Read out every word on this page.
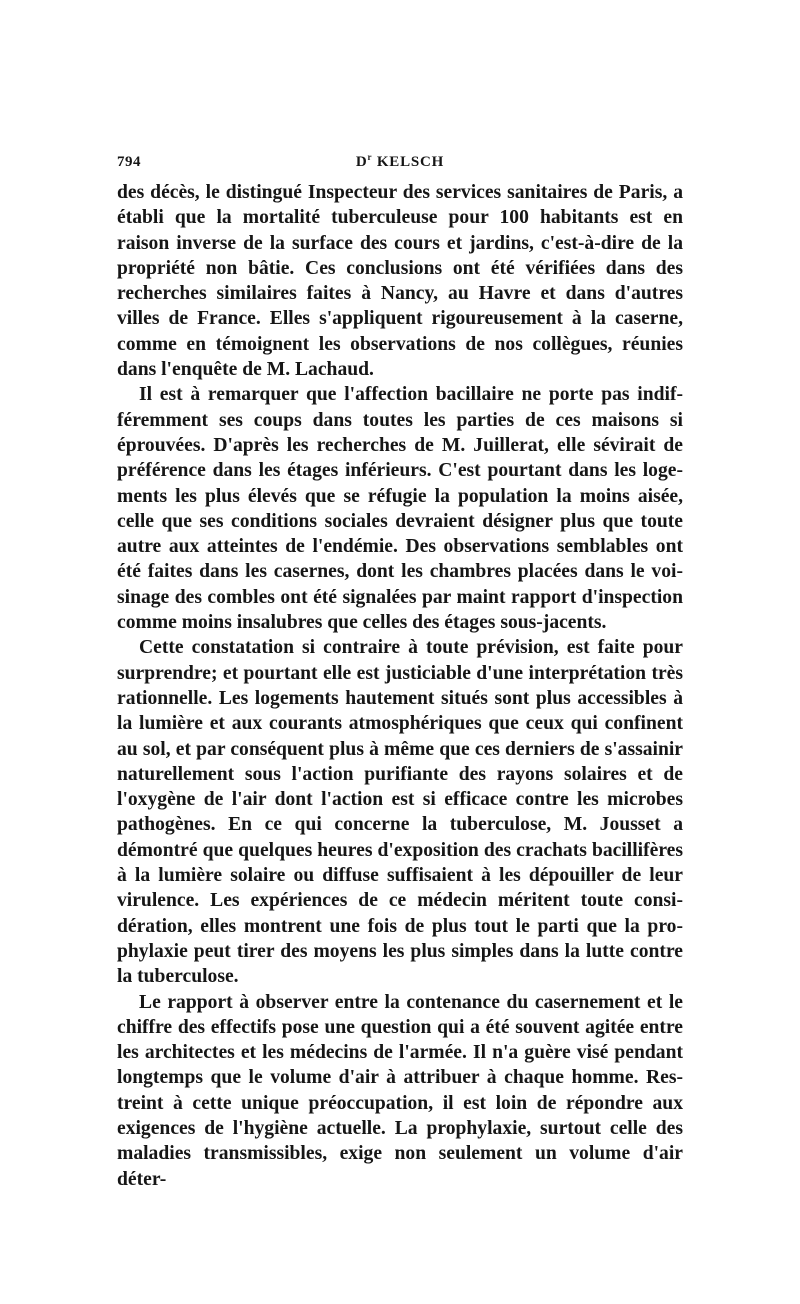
794	$D^r$ KELSCH

des décès, le distingué Inspecteur des services sanitaires de Paris, a établi que la mortalité tuberculeuse pour 100 habitants est en raison inverse de la surface des cours et jardins, c'est-à-dire de la propriété non bâtie. Ces conclusions ont été vérifiées dans des recherches similaires faites à Nancy, au Havre et dans d'autres villes de France. Elles s'appliquent rigoureusement à la caserne, comme en témoignent les observations de nos collègues, réunies dans l'enquête de M. Lachaud.

Il est à remarquer que l'affection bacillaire ne porte pas indifféremment ses coups dans toutes les parties de ces maisons si éprouvées. D'après les recherches de M. Juillerat, elle sévirait de préférence dans les étages inférieurs. C'est pourtant dans les logements les plus élevés que se réfugie la population la moins aisée, celle que ses conditions sociales devraient désigner plus que toute autre aux atteintes de l'endémie. Des observations semblables ont été faites dans les casernes, dont les chambres placées dans le voisinage des combles ont été signalées par maint rapport d'inspection comme moins insalubres que celles des étages sous-jacents.

Cette constatation si contraire à toute prévision, est faite pour surprendre; et pourtant elle est justiciable d'une interprétation très rationnelle. Les logements hautement situés sont plus accessibles à la lumière et aux courants atmosphériques que ceux qui confinent au sol, et par conséquent plus à même que ces derniers de s'assainir naturellement sous l'action purifiante des rayons solaires et de l'oxygène de l'air dont l'action est si efficace contre les microbes pathogènes. En ce qui concerne la tuberculose, M. Jousset a démontré que quelques heures d'exposition des crachats bacillifères à la lumière solaire ou diffuse suffisaient à les dépouiller de leur virulence. Les expériences de ce médecin méritent toute considération, elles montrent une fois de plus tout le parti que la prophylaxie peut tirer des moyens les plus simples dans la lutte contre la tuberculose.

Le rapport à observer entre la contenance du casernement et le chiffre des effectifs pose une question qui a été souvent agitée entre les architectes et les médecins de l'armée. Il n'a guère visé pendant longtemps que le volume d'air à attribuer à chaque homme. Restreint à cette unique préoccupation, il est loin de répondre aux exigences de l'hygiène actuelle. La prophylaxie, surtout celle des maladies transmissibles, exige non seulement un volume d'air déter-
